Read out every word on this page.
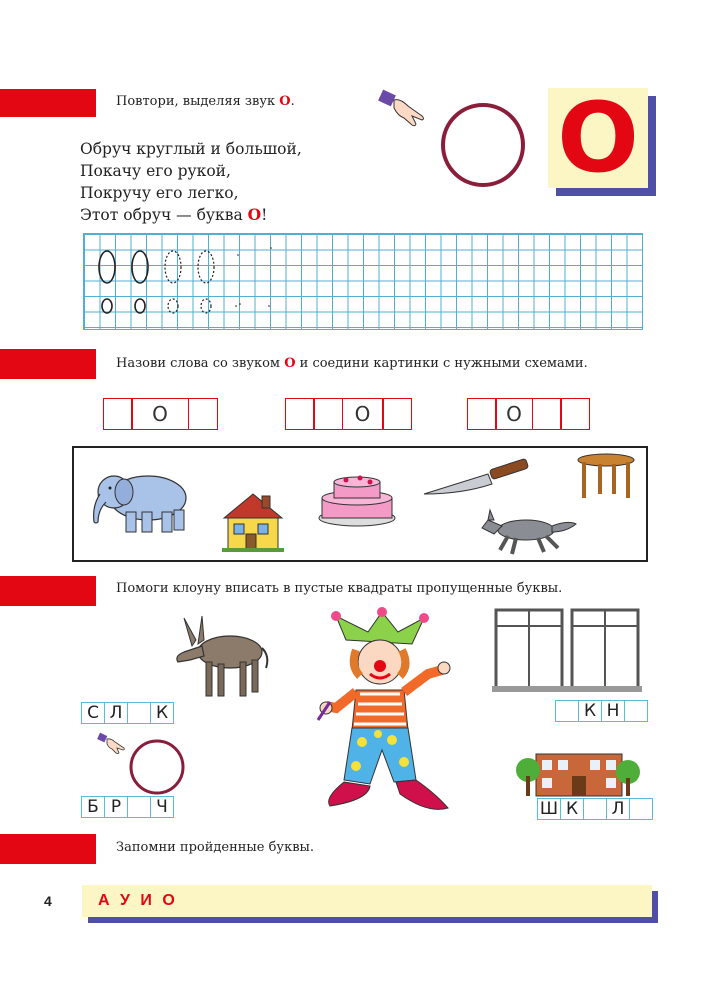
Повтори, выделяя звук О.
Обруч круглый и большой,
Покачу его рукой,
Покручу его легко,
Этот обруч — буква О!
О
Назови слова со звуком О и соедини картинки с нужными схемами.
О	О	О
Помоги клоуну вписать в пустые квадраты пропущенные буквы.
С Л	К
Б Р	Ч
К Н
Ш К	Л
Запомни пройденные буквы.
4	А У И О
